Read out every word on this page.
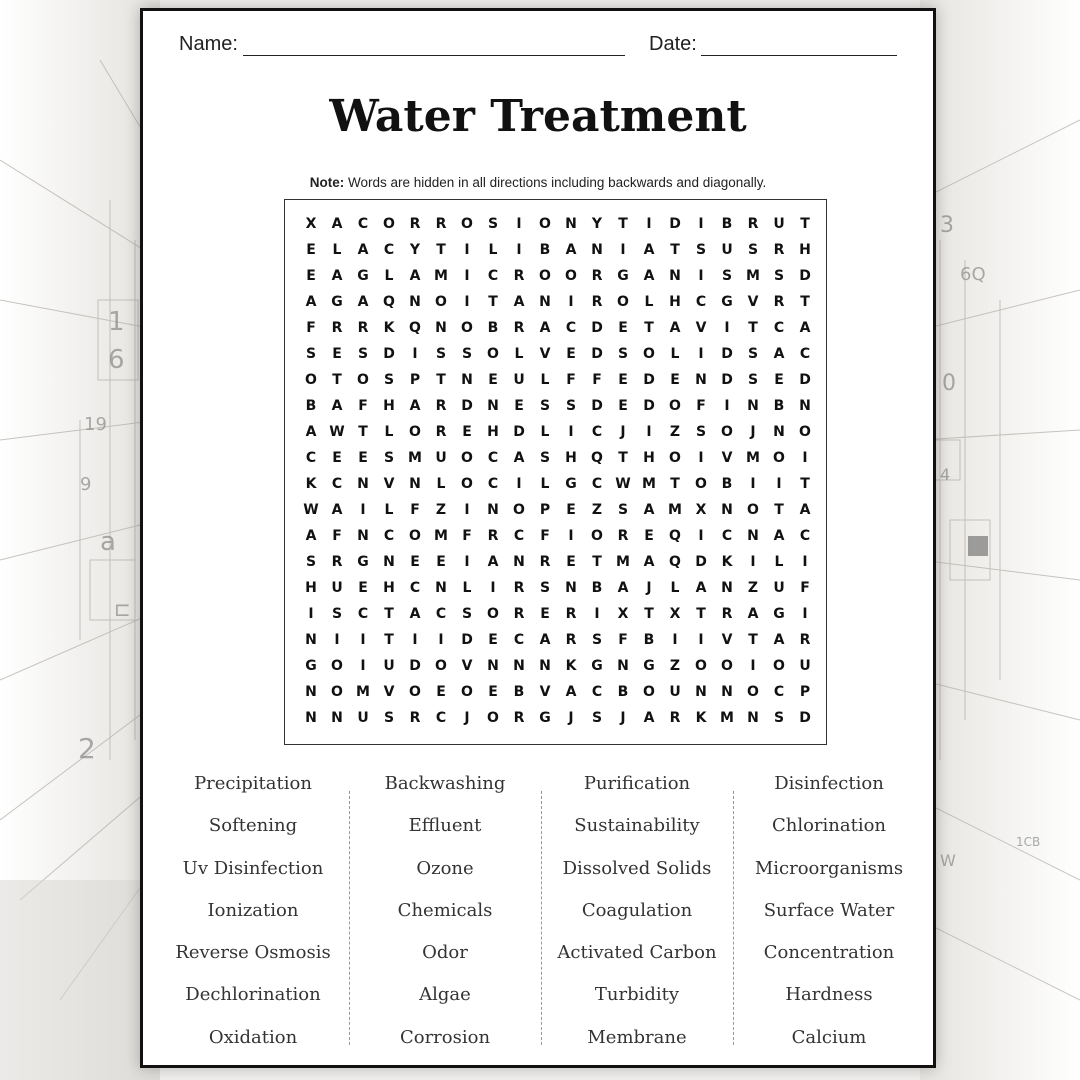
1
6
19
9
a
⊏
2
3
6Q
0
4
1CB
W
Name:	Date:
Water Treatment
Note: Words are hidden in all directions including backwards and diagonally.
X	A	C	O	R	R	O	S	I	O	N	Y	T	I	D	I	B	R	U	T
E	L	A	C	Y	T	I	L	I	B	A	N	I	A	T	S	U	S	R	H
E	A	G	L	A M	I	C	R	O	O	R	G	A	N	I	S M S	D
A	G	A	Q	N	O	I	T	A	N	I	R	O	L	H	C	G	V	R	T
F	R	R	K	Q	N	O	B	R	A	C	D	E	T	A	V	I	T	C	A
S	E	S	D	I	S	S	O	L	V	E	D	S	O	L	I	D	S	A	C
O	T	O	S	P	T	N	E	U	L	F	F	E	D	E	N	D	S	E	D
B	A	F	H	A	R	D	N	E	S	S	D	E	D	O	F	I	N	B	N
A W T	L	O	R	E	H	D	L	I	C	J	I	Z	S	O	J	N	O
C	E	E	S M U	O	C	A	S	H	Q	T	H	O	I	V M O	I
K	C	N	V	N	L	O	C	I	L	G	C W M	T	O	B	I	I	T
W A	I	L	F	Z	I	N	O	P	E	Z	S	A M X	N	O	T	A
A	F	N	C	O M	F	R	C	F	I	O	R	E	Q	I	C	N	A	C
S	R	G	N	E	E	I	A	N	R	E	T	M A	Q	D	K	I	L	I
H	U	E	H	C	N	L	I	R	S	N	B	A	J	L	A	N	Z	U	F
I	S	C	T	A	C	S	O	R	E	R	I	X	T	X	T	R	A	G	I
N	I	I	T	I	I	D	E	C	A	R	S	F	B	I	I	V	T	A	R
G	O	I	U	D	O	V	N	N	N	K	G	N	G	Z	O	O	I	O	U
N	O M V	O	E	O	E	B	V	A	C	B	O	U	N	N	O	C	P
N	N	U	S	R	C	J	O	R	G	J	S	J	A	R	K M N	S	D
Precipitation
Softening
Uv Disinfection
Ionization
Reverse Osmosis
Dechlorination
Oxidation
Backwashing
Effluent
Ozone
Chemicals
Odor
Algae
Corrosion
Purification
Sustainability
Dissolved Solids
Coagulation
Activated Carbon
Turbidity
Membrane
Disinfection
Chlorination
Microorganisms
Surface Water
Concentration
Hardness
Calcium
